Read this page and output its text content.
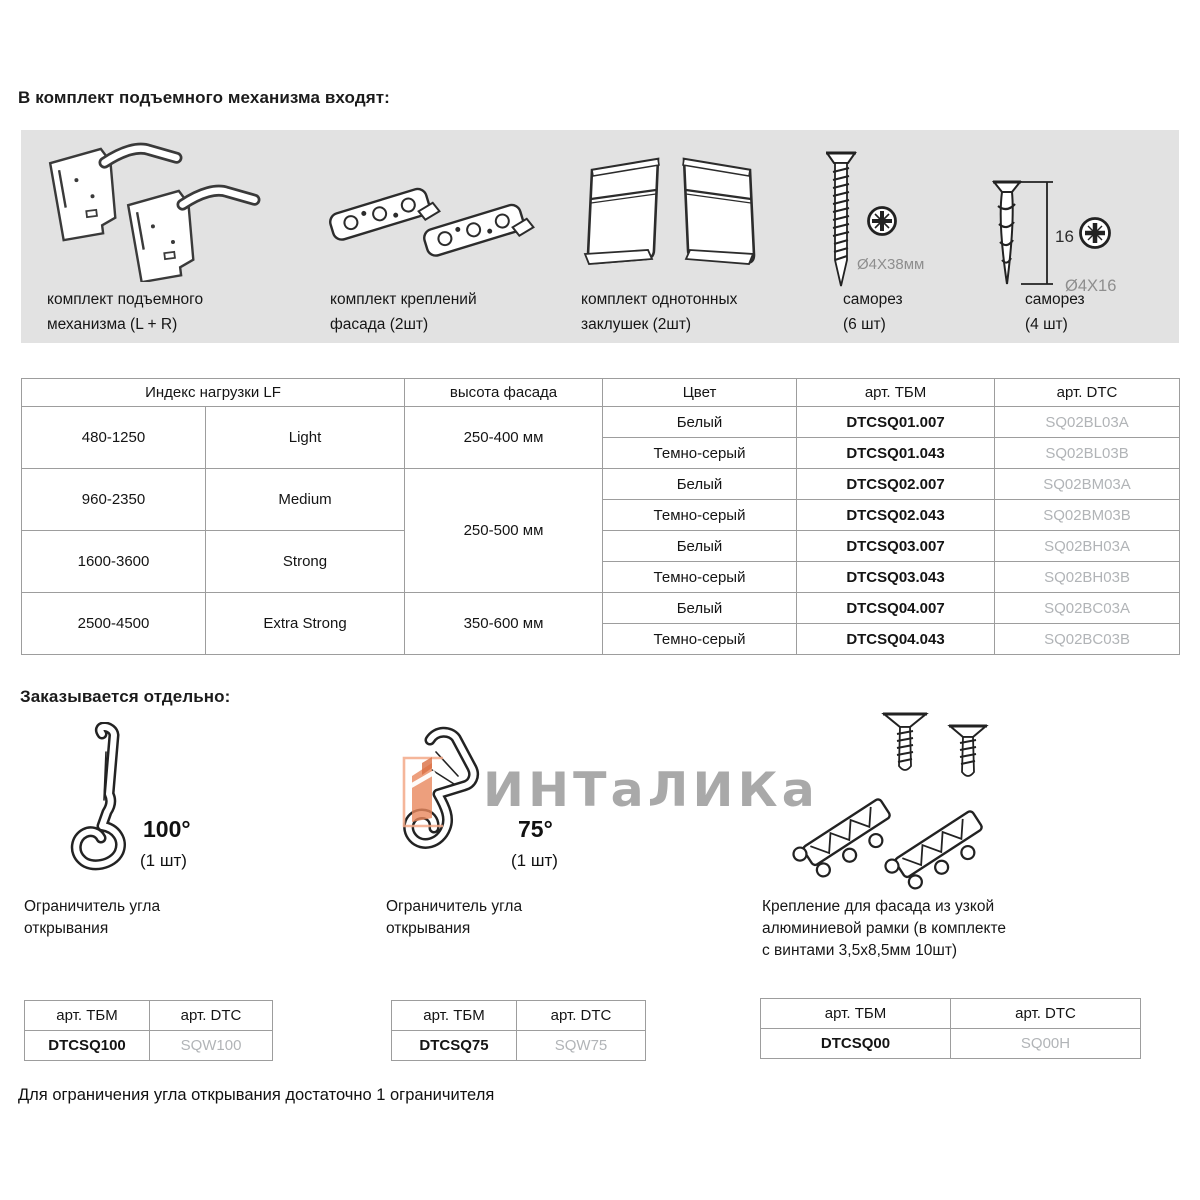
В комплект подъемного механизма входят:
комплект подъемного
механизма (L + R)
комплект креплений
фасада (2шт)
комплект однотонных
заклушек (2шт)
Ø4X38мм
саморез
(6 шт)
16
Ø4X16
саморез
(4 шт)
Индекс нагрузки LF		высота фасада	Цвет	арт. ТБМ	арт. DTC
480-1250	Light	250-400 мм	Белый	DTCSQ01.007	SQ02BL03A
			Темно-серый	DTCSQ01.043	SQ02BL03B
960-2350	Medium	250-500 мм	Белый	DTCSQ02.007	SQ02BM03A
			Темно-серый	DTCSQ02.043	SQ02BM03B
1600-3600	Strong		Белый	DTCSQ03.007	SQ02BH03A
			Темно-серый	DTCSQ03.043	SQ02BH03B
2500-4500	Extra Strong	350-600 мм	Белый	DTCSQ04.007	SQ02BC03A
			Темно-серый	DTCSQ04.043	SQ02BC03B
Заказывается отдельно:
100°
(1 шт)
Ограничитель угла
открывания
75°
(1 шт)
Ограничитель угла
открывания
Крепление для фасада из узкой
алюминиевой рамки (в комплекте
с винтами 3,5х8,5мм 10шт)
ИНТаЛИКа
арт. ТБМ	арт. DTC
DTCSQ100	SQW100
арт. ТБМ	арт. DTC
DTCSQ75	SQW75
арт. ТБМ	арт. DTC
DTCSQ00	SQ00H
Для ограничения угла открывания достаточно 1 ограничителя
